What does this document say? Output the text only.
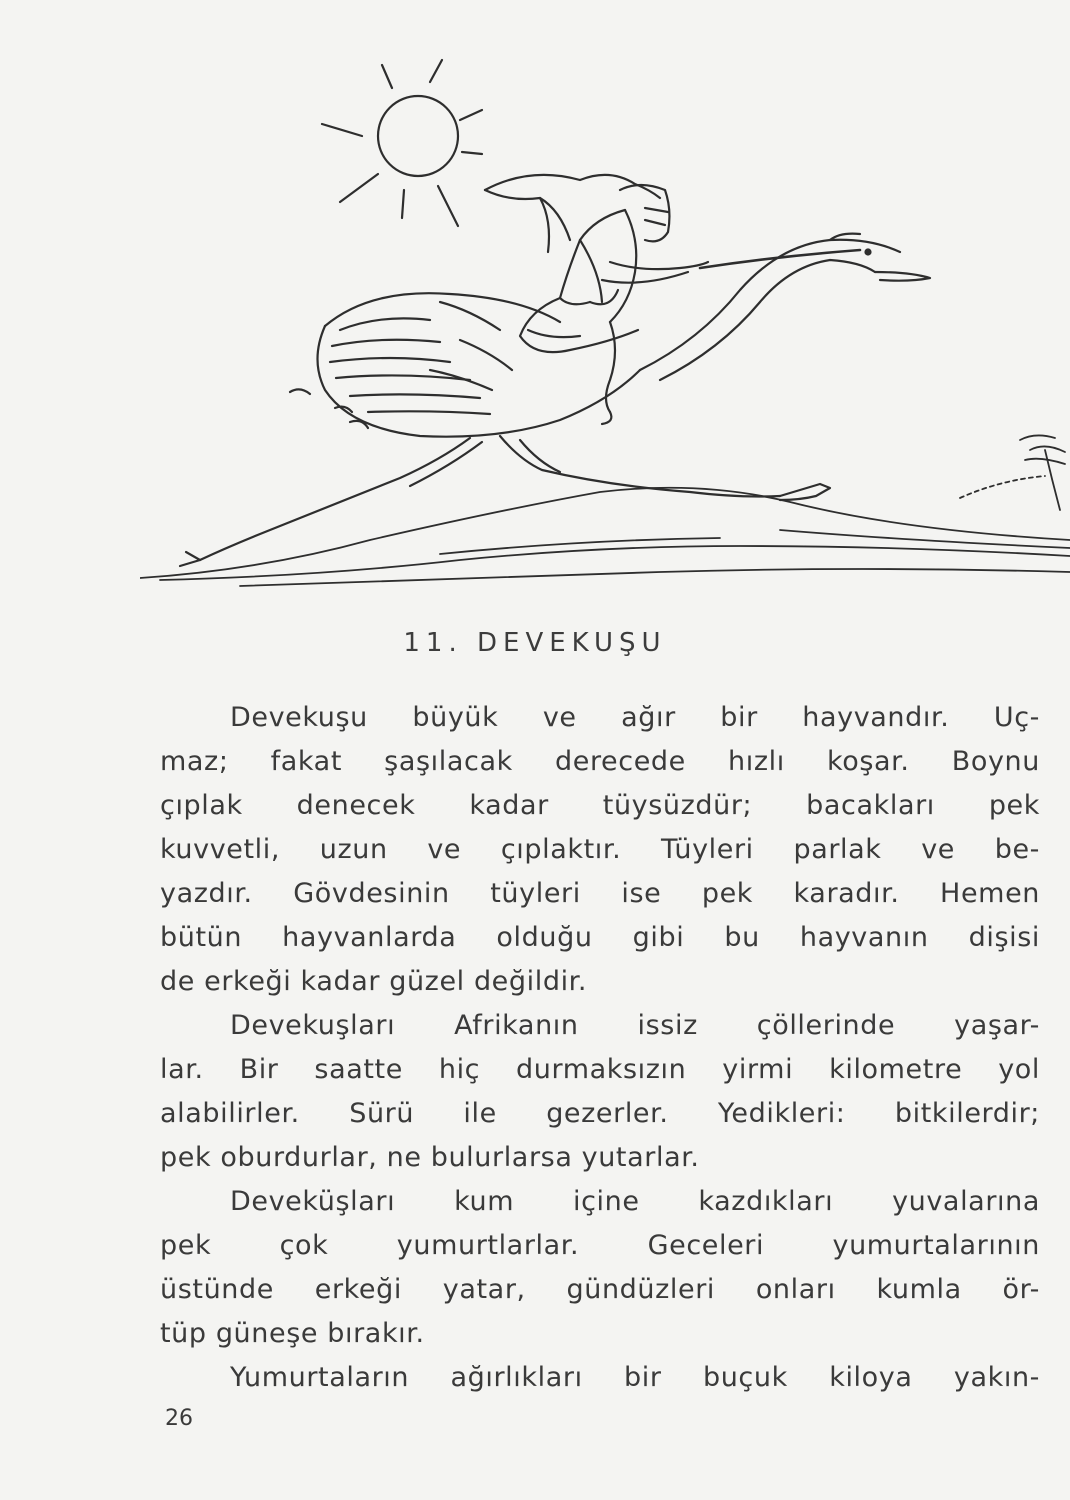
11. DEVEKUŞU
Devekuşu büyük ve ağır bir hayvandır. Uç-
maz; fakat şaşılacak derecede hızlı koşar. Boynu
çıplak denecek kadar tüysüzdür; bacakları pek
kuvvetli, uzun ve çıplaktır. Tüyleri parlak ve be-
yazdır. Gövdesinin tüyleri ise pek karadır. Hemen
bütün hayvanlarda olduğu gibi bu hayvanın dişisi
de erkeği kadar güzel değildir.
Devekuşları Afrikanın issiz çöllerinde yaşar-
lar. Bir saatte hiç durmaksızın yirmi kilometre yol
alabilirler. Sürü ile gezerler. Yedikleri: bitkilerdir;
pek oburdurlar, ne bulurlarsa yutarlar.
Deveküşları kum içine kazdıkları yuvalarına
pek çok yumurtlarlar. Geceleri yumurtalarının
üstünde erkeği yatar, gündüzleri onları kumla ör-
tüp güneşe bırakır.
Yumurtaların ağırlıkları bir buçuk kiloya yakın-
26
